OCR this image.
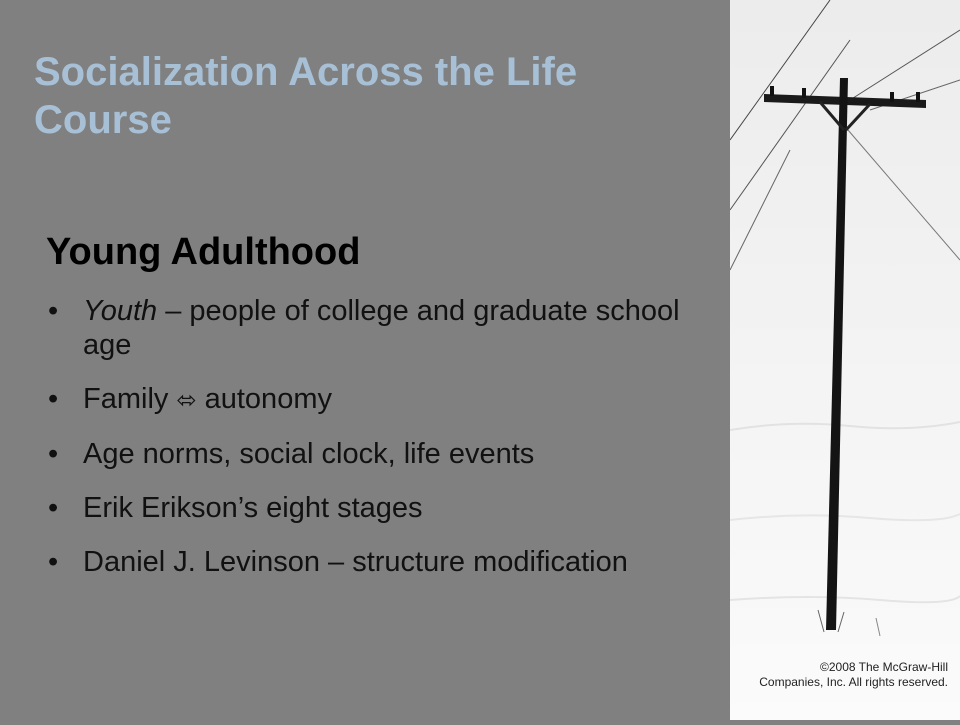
Socialization Across the Life Course
Young Adulthood
• Youth – people of college and graduate school age
• Family ⬄ autonomy
• Age norms, social clock, life events
• Erik Erikson’s eight stages
• Daniel J. Levinson – structure modification
©2008 The McGraw-Hill
Companies, Inc. All rights reserved.
